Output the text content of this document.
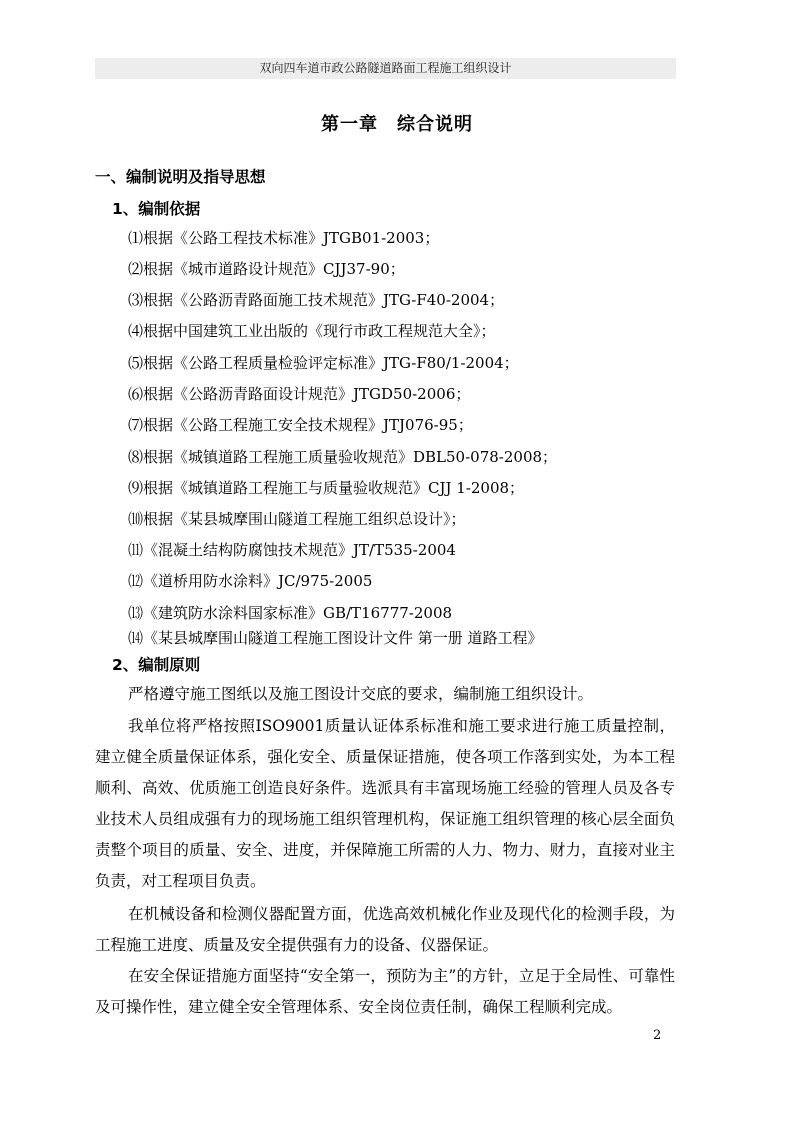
双向四车道市政公路隧道路面工程施工组织设计
第一章　综合说明
一、编制说明及指导思想
1、编制依据
⑴根据《公路工程技术标准》JTGB01-2003；
⑵根据《城市道路设计规范》CJJ37-90；
⑶根据《公路沥青路面施工技术规范》JTG-F40-2004；
⑷根据中国建筑工业出版的《现行市政工程规范大全》；
⑸根据《公路工程质量检验评定标准》JTG-F80/1-2004；
⑹根据《公路沥青路面设计规范》JTGD50-2006；
⑺根据《公路工程施工安全技术规程》JTJ076-95；
⑻根据《城镇道路工程施工质量验收规范》DBL50-078-2008；
⑼根据《城镇道路工程施工与质量验收规范》CJJ 1-2008；
⑽根据《某县城摩围山隧道工程施工组织总设计》；
⑾《混凝土结构防腐蚀技术规范》JT/T535-2004
⑿《道桥用防水涂料》JC/975-2005
⒀《建筑防水涂料国家标准》GB/T16777-2008
⒁《某县城摩围山隧道工程施工图设计文件 第一册 道路工程》
2、编制原则
严格遵守施工图纸以及施工图设计交底的要求，编制施工组织设计。
我单位将严格按照ISO9001质量认证体系标准和施工要求进行施工质量控制，建立健全质量保证体系，强化安全、质量保证措施，使各项工作落到实处，为本工程顺利、高效、优质施工创造良好条件。选派具有丰富现场施工经验的管理人员及各专业技术人员组成强有力的现场施工组织管理机构，保证施工组织管理的核心层全面负责整个项目的质量、安全、进度，并保障施工所需的人力、物力、财力，直接对业主负责，对工程项目负责。
在机械设备和检测仪器配置方面，优选高效机械化作业及现代化的检测手段，为工程施工进度、质量及安全提供强有力的设备、仪器保证。
在安全保证措施方面坚持“安全第一，预防为主”的方针，立足于全局性、可靠性及可操作性，建立健全安全管理体系、安全岗位责任制，确保工程顺利完成。
2
